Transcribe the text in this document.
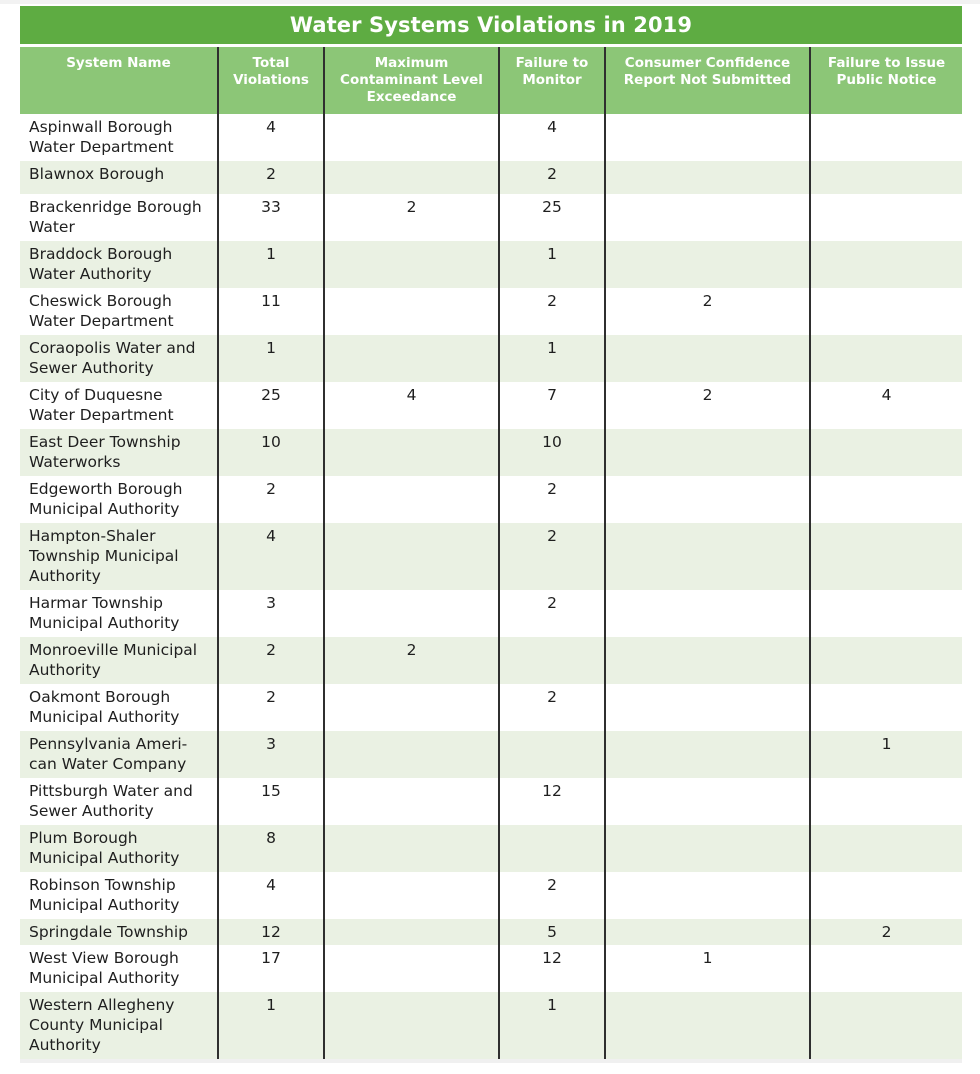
Water Systems Violations in 2019
System Name	Total Violations	Maximum Contaminant Level Exceedance	Failure to Monitor	Consumer Confidence Report Not Submitted	Failure to Issue Public Notice
Aspinwall Borough Water Department	4		4		
Blawnox Borough	2		2		
Brackenridge Borough Water	33	2	25		
Braddock Borough Water Authority	1		1		
Cheswick Borough Water Department	11		2	2	
Coraopolis Water and Sewer Authority	1		1		
City of Duquesne Water Department	25	4	7	2	4
East Deer Township Waterworks	10		10		
Edgeworth Borough Municipal Authority	2		2		
Hampton-Shaler Township Municipal Authority	4		2		
Harmar Township Municipal Authority	3		2		
Monroeville Municipal Authority	2	2			
Oakmont Borough Municipal Authority	2		2		
Pennsylvania Ameri-can Water Company	3				1
Pittsburgh Water and Sewer Authority	15		12		
Plum Borough Municipal Authority	8				
Robinson Township Municipal Authority	4		2		
Springdale Township	12		5		2
West View Borough Municipal Authority	17		12	1	
Western Allegheny County Municipal Authority	1		1		
